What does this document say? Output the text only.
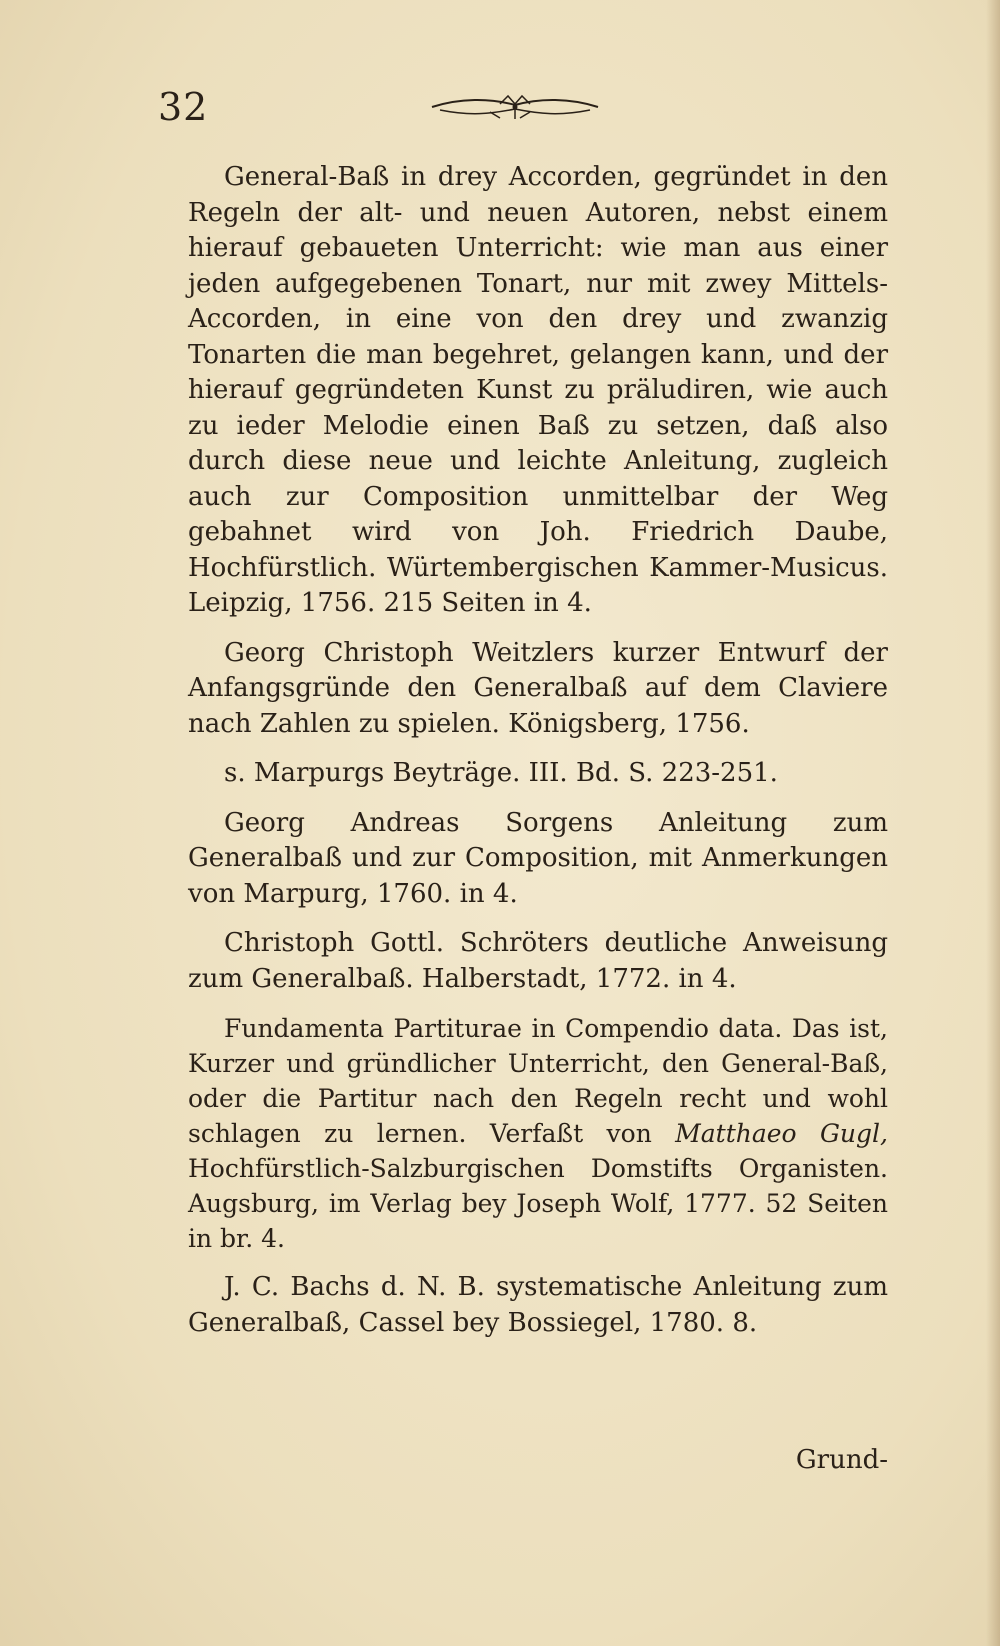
32

General-Baß in drey Accorden, gegründet in den Regeln der alt- und neuen Autoren, nebst einem hierauf gebaueten Unterricht: wie man aus einer jeden aufgegebenen Tonart, nur mit zwey Mittels-Accorden, in eine von den drey und zwanzig Tonarten die man begehret, gelangen kann, und der hierauf gegründeten Kunst zu präludiren, wie auch zu ieder Melodie einen Baß zu setzen, daß also durch diese neue und leichte Anleitung, zugleich auch zur Composition unmittelbar der Weg gebahnet wird von Joh. Friedrich Daube, Hochfürstlich. Würtembergischen Kammer-Musicus. Leipzig, 1756. 215 Seiten in 4.

Georg Christoph Weitzlers kurzer Entwurf der Anfangsgründe den Generalbaß auf dem Claviere nach Zahlen zu spielen. Königsberg, 1756.

s. Marpurgs Beyträge. III. Bd. S. 223-251.

Georg Andreas Sorgens Anleitung zum Generalbaß und zur Composition, mit Anmerkungen von Marpurg, 1760. in 4.

Christoph Gottl. Schröters deutliche Anweisung zum Generalbaß. Halberstadt, 1772. in 4.

Fundamenta Partiturae in Compendio data. Das ist, Kurzer und gründlicher Unterricht, den General-Baß, oder die Partitur nach den Regeln recht und wohl schlagen zu lernen. Verfaßt von Matthaeo Gugl, Hochfürstlich-Salzburgischen Domstifts Organisten. Augsburg, im Verlag bey Joseph Wolf, 1777. 52 Seiten in br. 4.

J. C. Bachs d. N. B. systematische Anleitung zum Generalbaß, Cassel bey Bossiegel, 1780. 8.

Grund-
